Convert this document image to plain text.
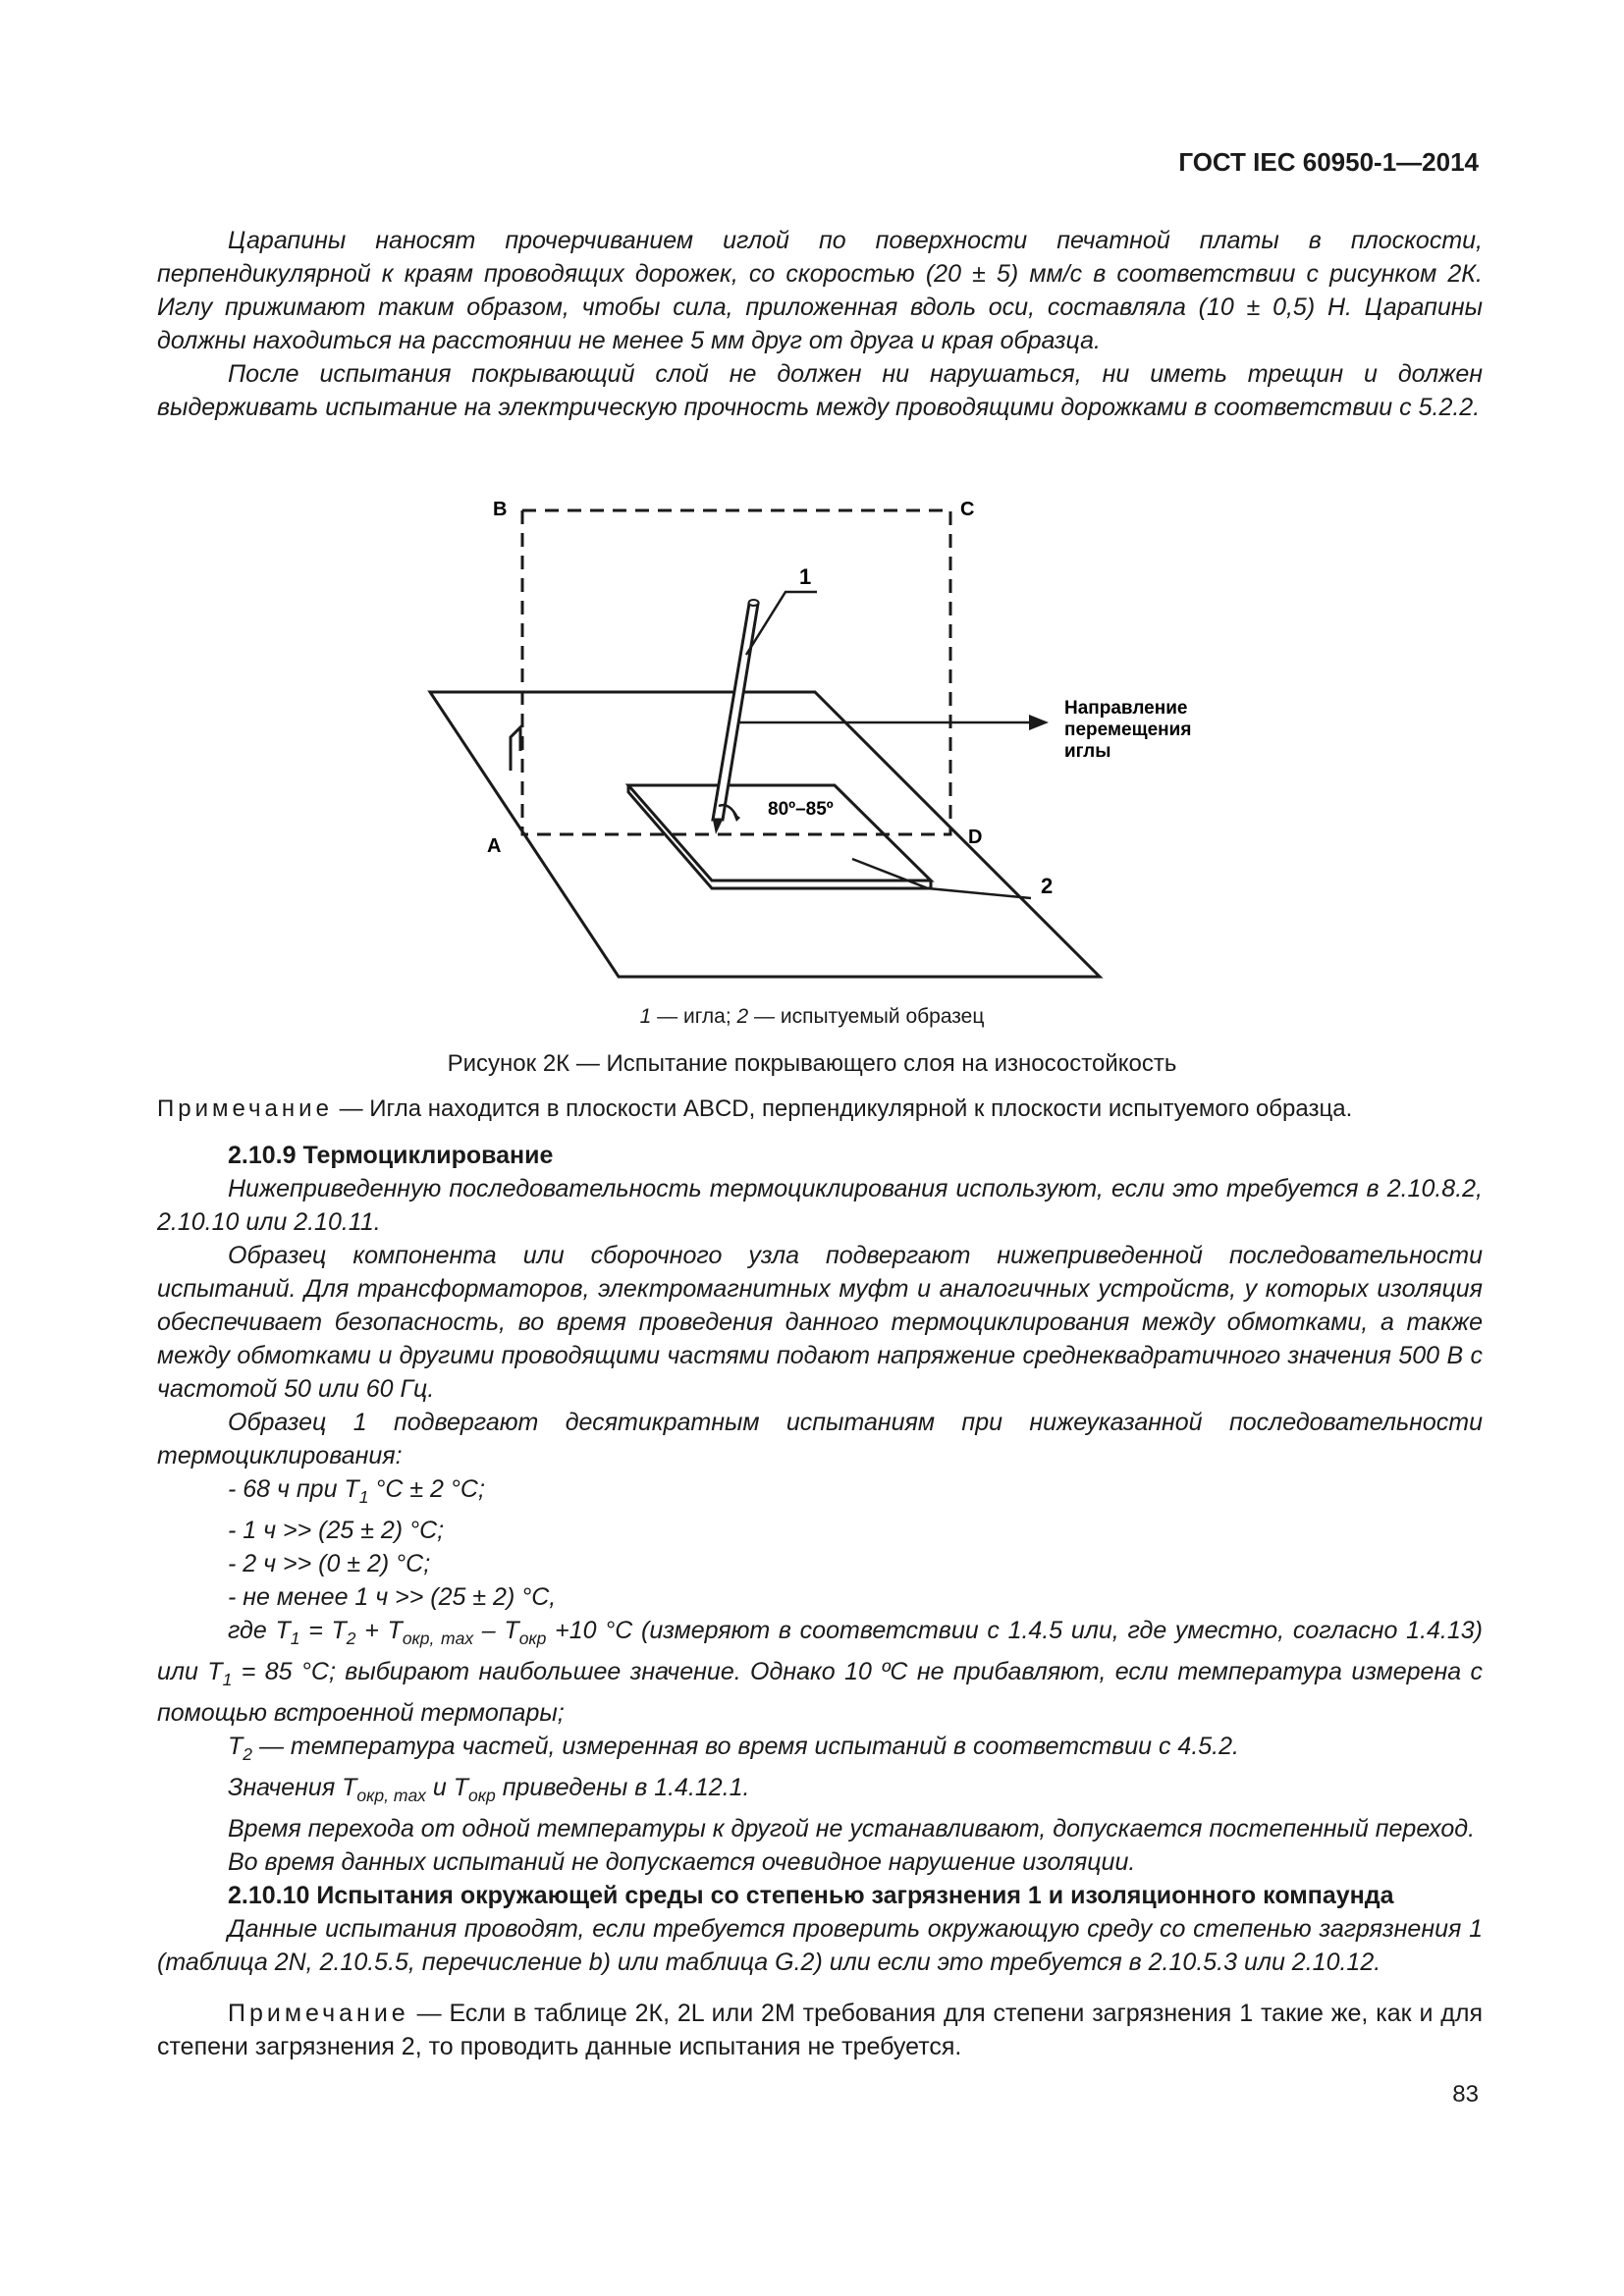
ГОСТ IEC 60950-1—2014

Царапины наносят прочерчиванием иглой по поверхности печатной платы в плоскости, перпендикулярной к краям проводящих дорожек, со скоростью (20 ± 5) мм/с в соответствии с рисунком 2К. Иглу прижимают таким образом, чтобы сила, приложенная вдоль оси, составляла (10 ± 0,5) Н. Царапины должны находиться на расстоянии не менее 5 мм друг от друга и края образца.

После испытания покрывающий слой не должен ни нарушаться, ни иметь трещин и должен выдерживать испытание на электрическую прочность между проводящими дорожками в соответствии с 5.2.2.

1
2
Направление
перемещения
иглы
80º–85º
B	C
A	D
1 — игла; 2 — испытуемый образец
Рисунок 2К — Испытание покрывающего слоя на износостойкость
Примечание — Игла находится в плоскости ABCD, перпендикулярной к плоскости испытуемого образца.

2.10.9 Термоциклирование

Нижеприведенную последовательность термоциклирования используют, если это требуется в 2.10.8.2, 2.10.10 или 2.10.11.

Образец компонента или сборочного узла подвергают нижеприведенной последовательности испытаний. Для трансформаторов, электромагнитных муфт и аналогичных устройств, у которых изоляция обеспечивает безопасность, во время проведения данного термоциклирования между обмотками, а также между обмотками и другими проводящими частями подают напряжение среднеквадратичного значения 500 В с частотой 50 или 60 Гц.

Образец 1 подвергают десятикратным испытаниям при нижеуказанной последовательности термоциклирования:

- 68 ч при $T_1$ °C ± 2 °C;

- 1 ч >> (25 ± 2) °C;

- 2 ч >> (0 ± 2) °C;

- не менее 1 ч >> (25 ± 2) °C,

где $T_1 = T_2 + T_{окр, max} - T_{окр} +10$ °C (измеряют в соответствии с 1.4.5 или, где уместно, согласно 1.4.13) или $T_1 = 85$ °C; выбирают наибольшее значение. Однако 10 ºC не прибавляют, если температура измерена с помощью встроенной термопары;

$T_2$ — температура частей, измеренная во время испытаний в соответствии с 4.5.2.

Значения $T_{окр, max}$ и $T_{окр}$ приведены в 1.4.12.1.

Время перехода от одной температуры к другой не устанавливают, допускается постепенный переход.

Во время данных испытаний не допускается очевидное нарушение изоляции.

2.10.10 Испытания окружающей среды со степенью загрязнения 1 и изоляционного компаунда

Данные испытания проводят, если требуется проверить окружающую среду со степенью загрязнения 1 (таблица 2N, 2.10.5.5, перечисление b) или таблица G.2) или если это требуется в 2.10.5.3 или 2.10.12.

Примечание — Если в таблице 2К, 2L или 2М требования для степени загрязнения 1 такие же, как и для степени загрязнения 2, то проводить данные испытания не требуется.

83
